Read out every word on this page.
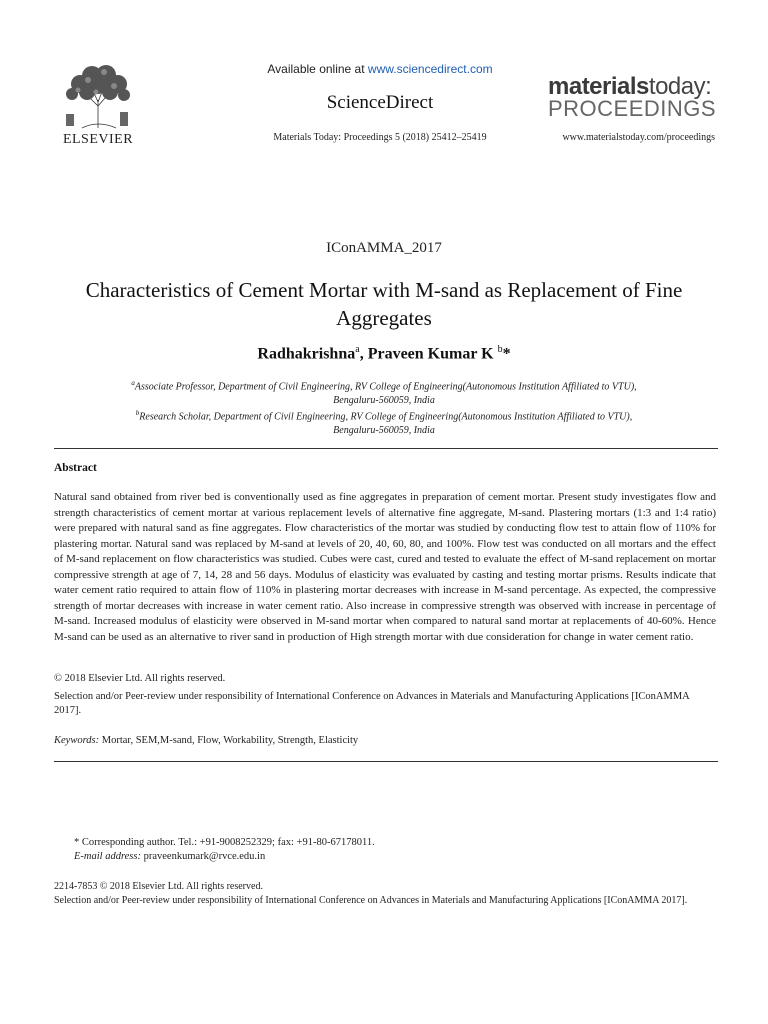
ELSEVIER
Available online at www.sciencedirect.com
ScienceDirect
Materials Today: Proceedings 5 (2018) 25412–25419
materialstoday:
PROCEEDINGS
www.materialstoday.com/proceedings
IConAMMA_2017
Characteristics of Cement Mortar with M-sand as Replacement of Fine Aggregates
Radhakrishna$^a$, Praveen Kumar K $^b$*
$^a$Associate Professor, Department of Civil Engineering, RV College of Engineering(Autonomous Institution Affiliated to VTU),
Bengaluru-560059, India
$^b$Research Scholar, Department of Civil Engineering, RV College of Engineering(Autonomous Institution Affiliated to VTU),
Bengaluru-560059, India
Abstract
Natural sand obtained from river bed is conventionally used as fine aggregates in preparation of cement mortar. Present study investigates flow and strength characteristics of cement mortar at various replacement levels of alternative fine aggregate, M-sand. Plastering mortars (1:3 and 1:4 ratio) were prepared with natural sand as fine aggregates. Flow characteristics of the mortar was studied by conducting flow test to attain flow of 110% for plastering mortar. Natural sand was replaced by M-sand at levels of 20, 40, 60, 80, and 100%. Flow test was conducted on all mortars and the effect of M-sand replacement on flow characteristics was studied. Cubes were cast, cured and tested to evaluate the effect of M-sand replacement on mortar compressive strength at age of 7, 14, 28 and 56 days. Modulus of elasticity was evaluated by casting and testing mortar prisms. Results indicate that water cement ratio required to attain flow of 110% in plastering mortar decreases with increase in M-sand percentage. As expected, the compressive strength of mortar decreases with increase in water cement ratio. Also increase in compressive strength was observed with increase in percentage of M-sand. Increased modulus of elasticity were observed in M-sand mortar when compared to natural sand mortar at replacements of 40-60%. Hence M-sand can be used as an alternative to river sand in production of High strength mortar with due consideration for change in water cement ratio.
© 2018 Elsevier Ltd. All rights reserved.
Selection and/or Peer-review under responsibility of International Conference on Advances in Materials and Manufacturing Applications [IConAMMA 2017].
Keywords: Mortar, SEM,M-sand, Flow, Workability, Strength, Elasticity
* Corresponding author. Tel.: +91-9008252329; fax: +91-80-67178011.
E-mail address: praveenkumark@rvce.edu.in
2214-7853 © 2018 Elsevier Ltd. All rights reserved.
Selection and/or Peer-review under responsibility of International Conference on Advances in Materials and Manufacturing Applications [IConAMMA 2017].
